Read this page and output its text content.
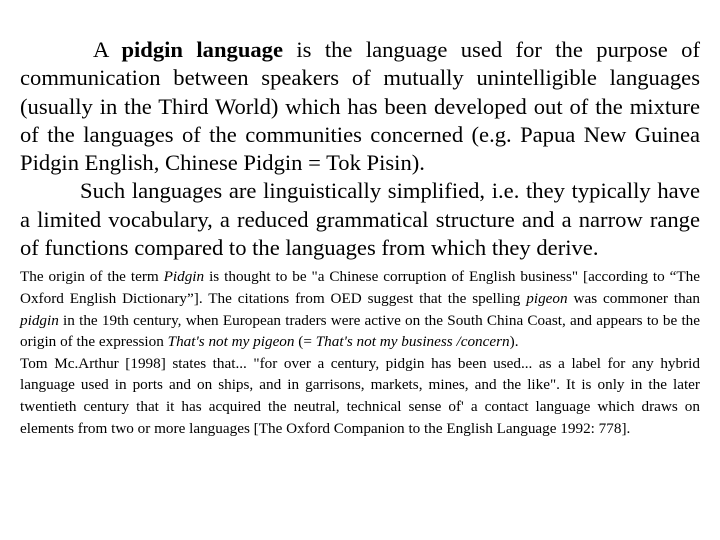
A pidgin language is the language used for the purpose of communication between speakers of mutually unintelligible languages (usually in the Third World) which has been developed out of the mixture of the languages of the communities concerned (e.g. Papua New Guinea Pidgin English, Chinese Pidgin = Tok Pisin).

Such languages are linguistically simplified, i.e. they typically have a limited vocabulary, a reduced grammatical structure and a narrow range of functions compared to the languages from which they derive.

The origin of the term Pidgin is thought to be "a Chinese corruption of English business" [according to “The Oxford English Dictionary”]. The citations from OED suggest that the spelling pigeon was commoner than pidgin in the 19th century, when European traders were active on the South China Coast, and appears to be the origin of the expression That's not my pigeon (= That's not my business /concern).

Tom Mc.Arthur [1998] states that... "for over a century, pidgin has been used... as a label for any hybrid language used in ports and on ships, and in garrisons, markets, mines, and the like". It is only in the later twentieth century that it has acquired the neutral, technical sense of' a contact language which draws on elements from two or more languages [The Oxford Companion to the English Language 1992: 778].
